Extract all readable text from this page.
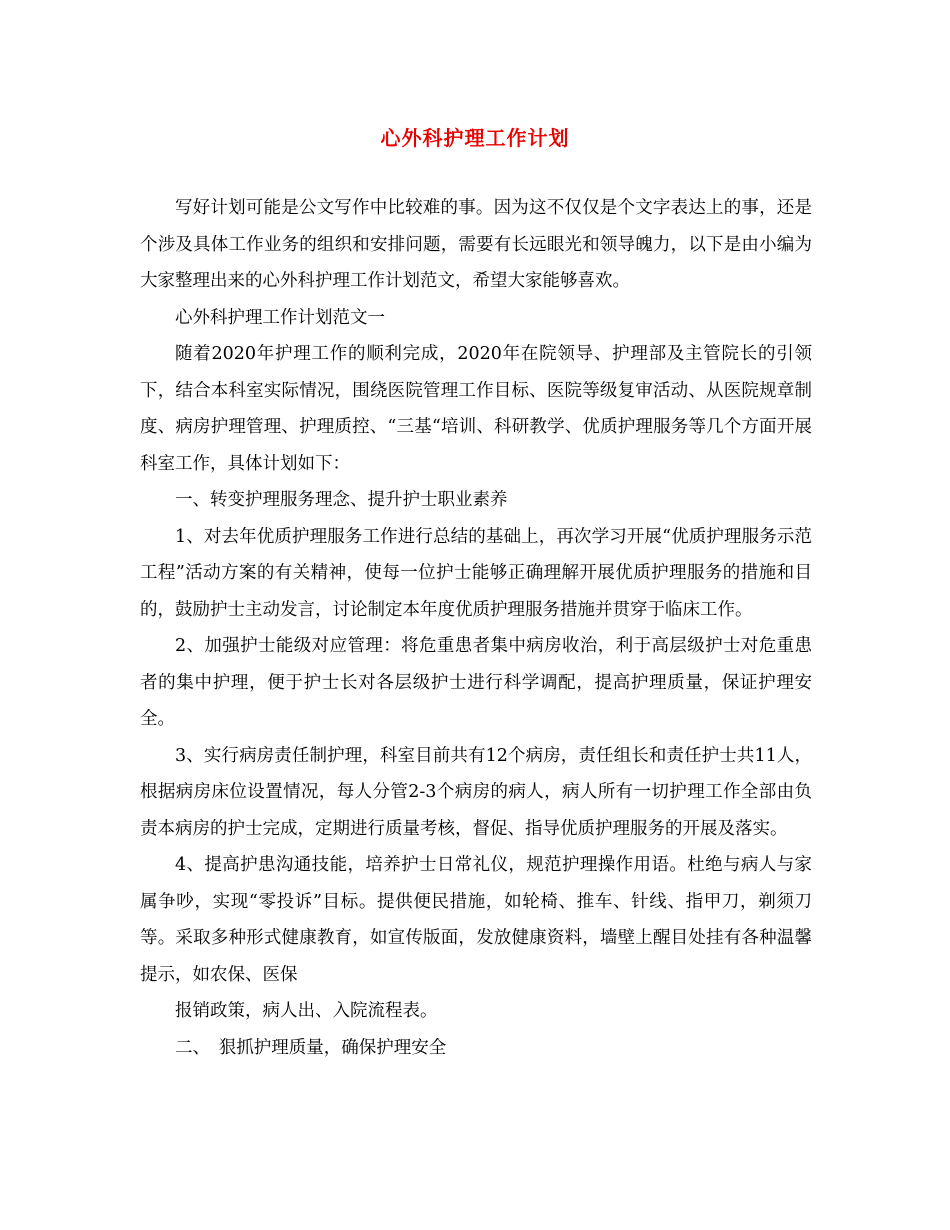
心外科护理工作计划

写好计划可能是公文写作中比较难的事。因为这不仅仅是个文字表达上的事，还是个涉及具体工作业务的组织和安排问题，需要有长远眼光和领导魄力，以下是由小编为大家整理出来的心外科护理工作计划范文，希望大家能够喜欢。

心外科护理工作计划范文一

随着2020年护理工作的顺利完成，2020年在院领导、护理部及主管院长的引领下，结合本科室实际情况，围绕医院管理工作目标、医院等级复审活动、从医院规章制度、病房护理管理、护理质控、“三基“培训、科研教学、优质护理服务等几个方面开展科室工作，具体计划如下：

一、转变护理服务理念、提升护士职业素养

1、对去年优质护理服务工作进行总结的基础上，再次学习开展“优质护理服务示范工程”活动方案的有关精神，使每一位护士能够正确理解开展优质护理服务的措施和目的，鼓励护士主动发言，讨论制定本年度优质护理服务措施并贯穿于临床工作。

2、加强护士能级对应管理：将危重患者集中病房收治，利于高层级护士对危重患者的集中护理，便于护士长对各层级护士进行科学调配，提高护理质量，保证护理安全。

3、实行病房责任制护理，科室目前共有12个病房，责任组长和责任护士共11人，根据病房床位设置情况，每人分管2-3个病房的病人，病人所有一切护理工作全部由负责本病房的护士完成，定期进行质量考核，督促、指导优质护理服务的开展及落实。

4、提高护患沟通技能，培养护士日常礼仪，规范护理操作用语。杜绝与病人与家属争吵，实现“零投诉”目标。提供便民措施，如轮椅、推车、针线、指甲刀，剃须刀等。采取多种形式健康教育，如宣传版面，发放健康资料，墙壁上醒目处挂有各种温馨提示，如农保、医保

报销政策，病人出、入院流程表。

二、　狠抓护理质量，确保护理安全
